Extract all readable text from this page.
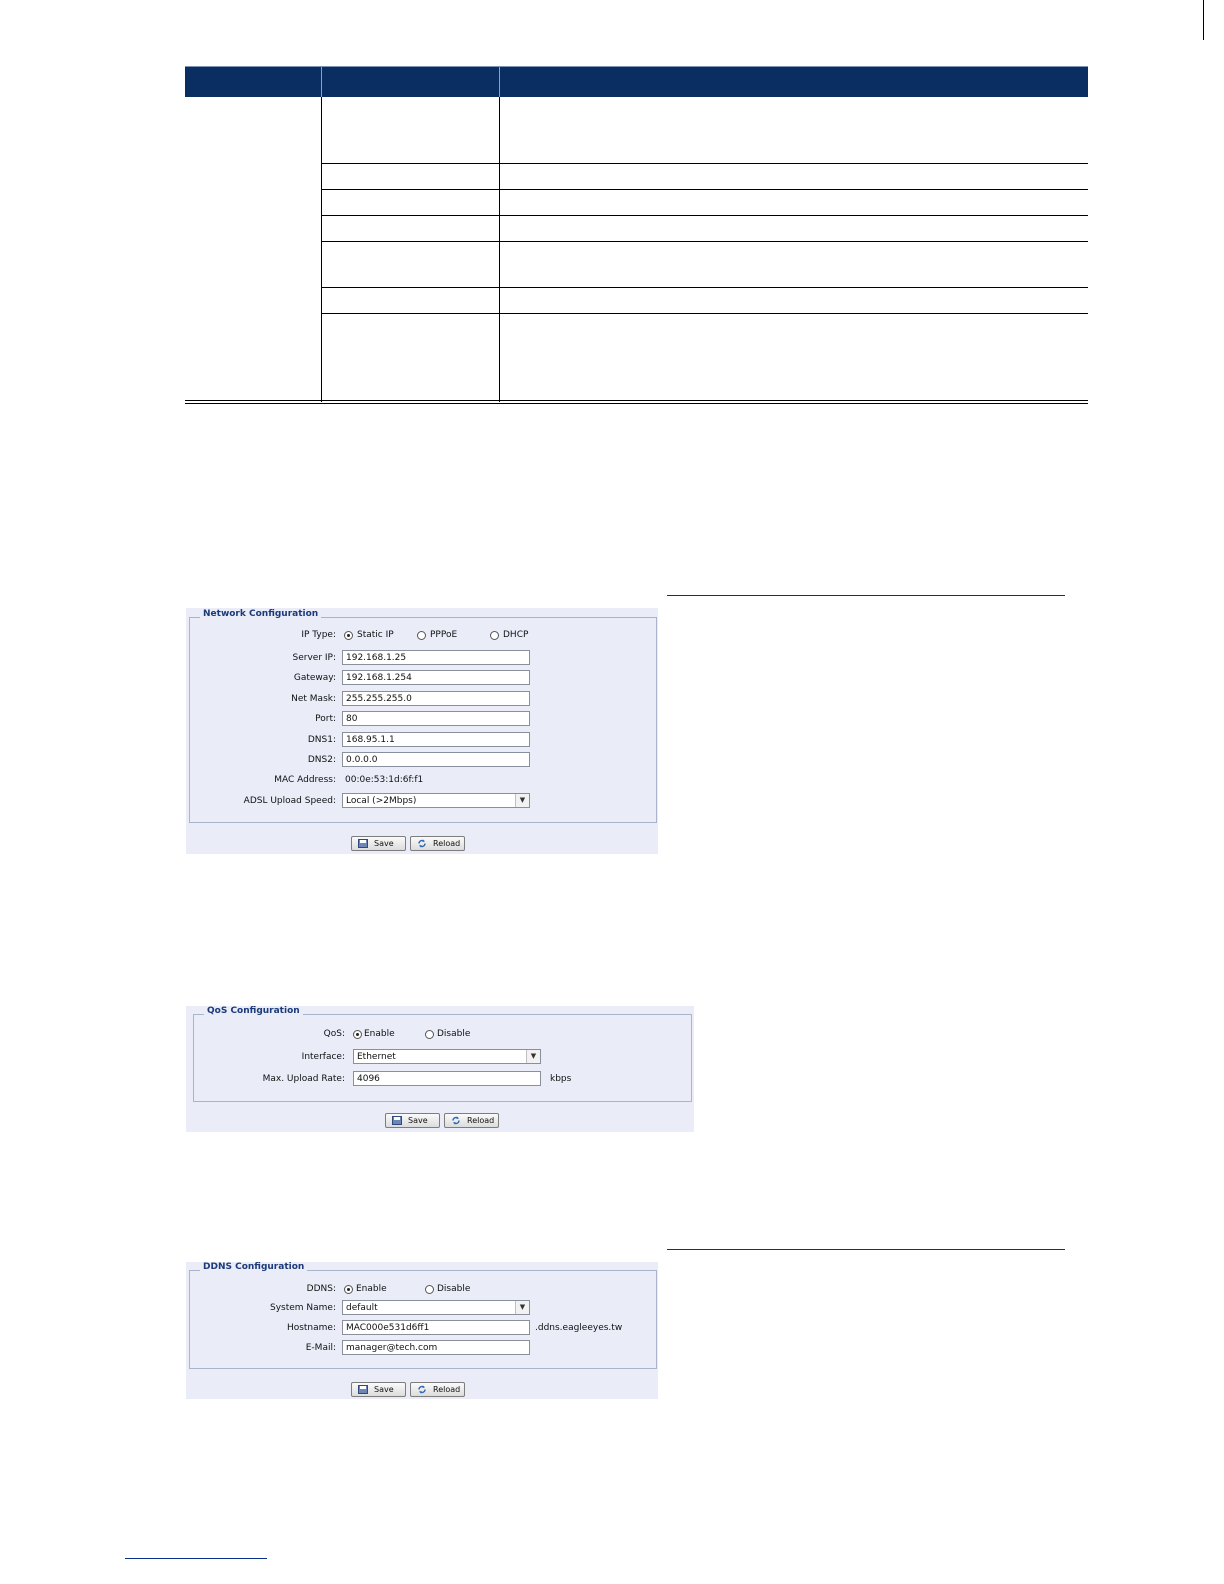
Network Configuration
IP Type: Static IP	PPPoE	DHCP
Server IP:	192.168.1.25
Gateway:	192.168.1.254
Net Mask:	255.255.255.0
Port:	80
DNS1:	168.95.1.1
DNS2:	0.0.0.0
MAC Address: 00:0e:53:1d:6f:f1
ADSL Upload Speed:	Local (>2Mbps)	▼
Save	Reload
QoS Configuration
QoS: Enable	Disable
Interface:	Ethernet	▼
Max. Upload Rate:	4096	kbps
Save	Reload
DDNS Configuration
DDNS: Enable	Disable
System Name:	default	▼
Hostname:	MAC000e531d6ff1	.ddns.eagleeyes.tw
E-Mail:	manager@tech.com
Save	Reload
